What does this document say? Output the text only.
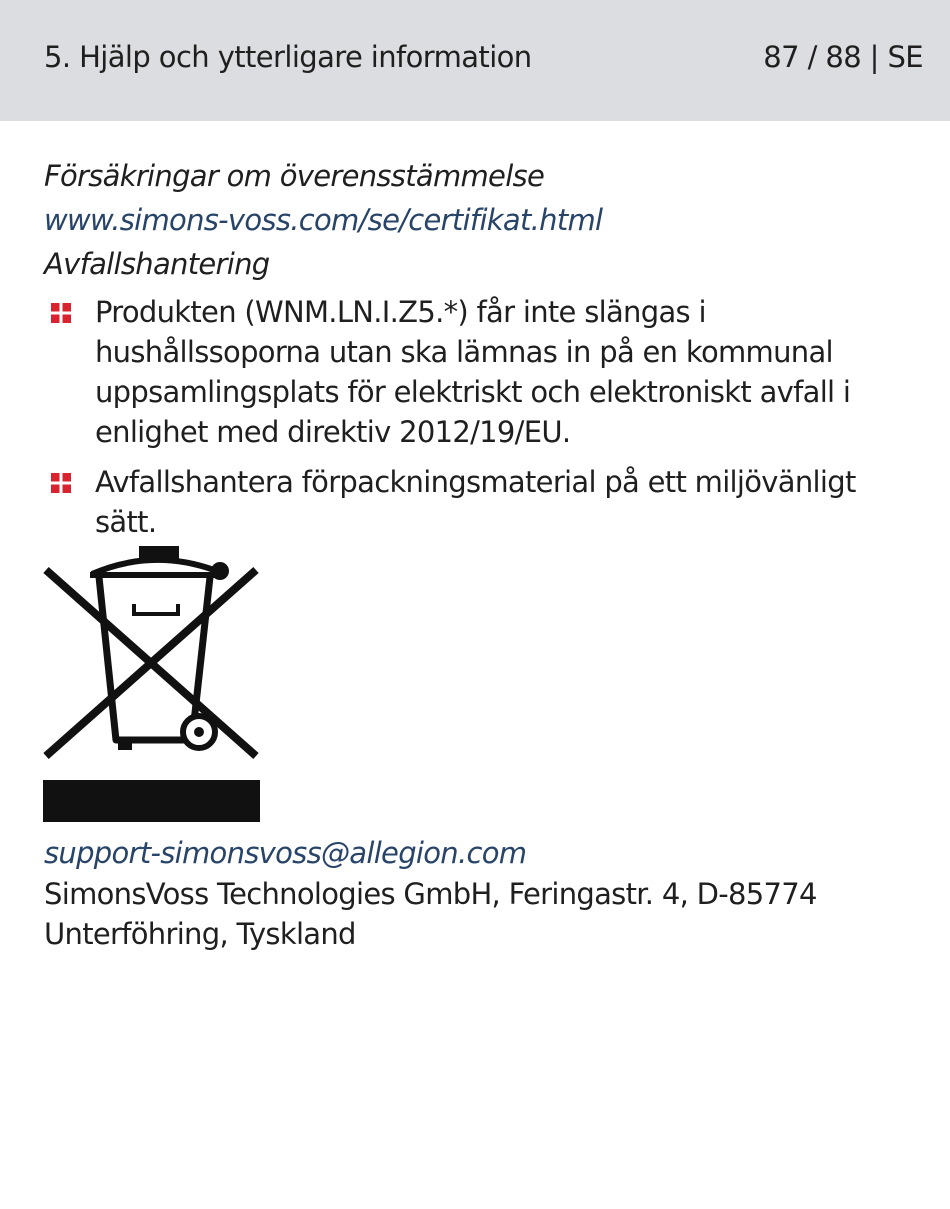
5. Hjälp och ytterligare information	87 / 88 | SE
Försäkringar om överensstämmelse
www.simons-voss.com/se/certifikat.html
Avfallshantering
Produkten (WNM.LN.I.Z5.*) får inte slängas i
hushållssoporna utan ska lämnas in på en kommunal
uppsamlingsplats för elektriskt och elektroniskt avfall i
enlighet med direktiv 2012/19/EU.
Avfallshantera förpackningsmaterial på ett miljövänligt
sätt.
support-simonsvoss@allegion.com
SimonsVoss Technologies GmbH, Feringastr. 4, D-85774
Unterföhring, Tyskland
